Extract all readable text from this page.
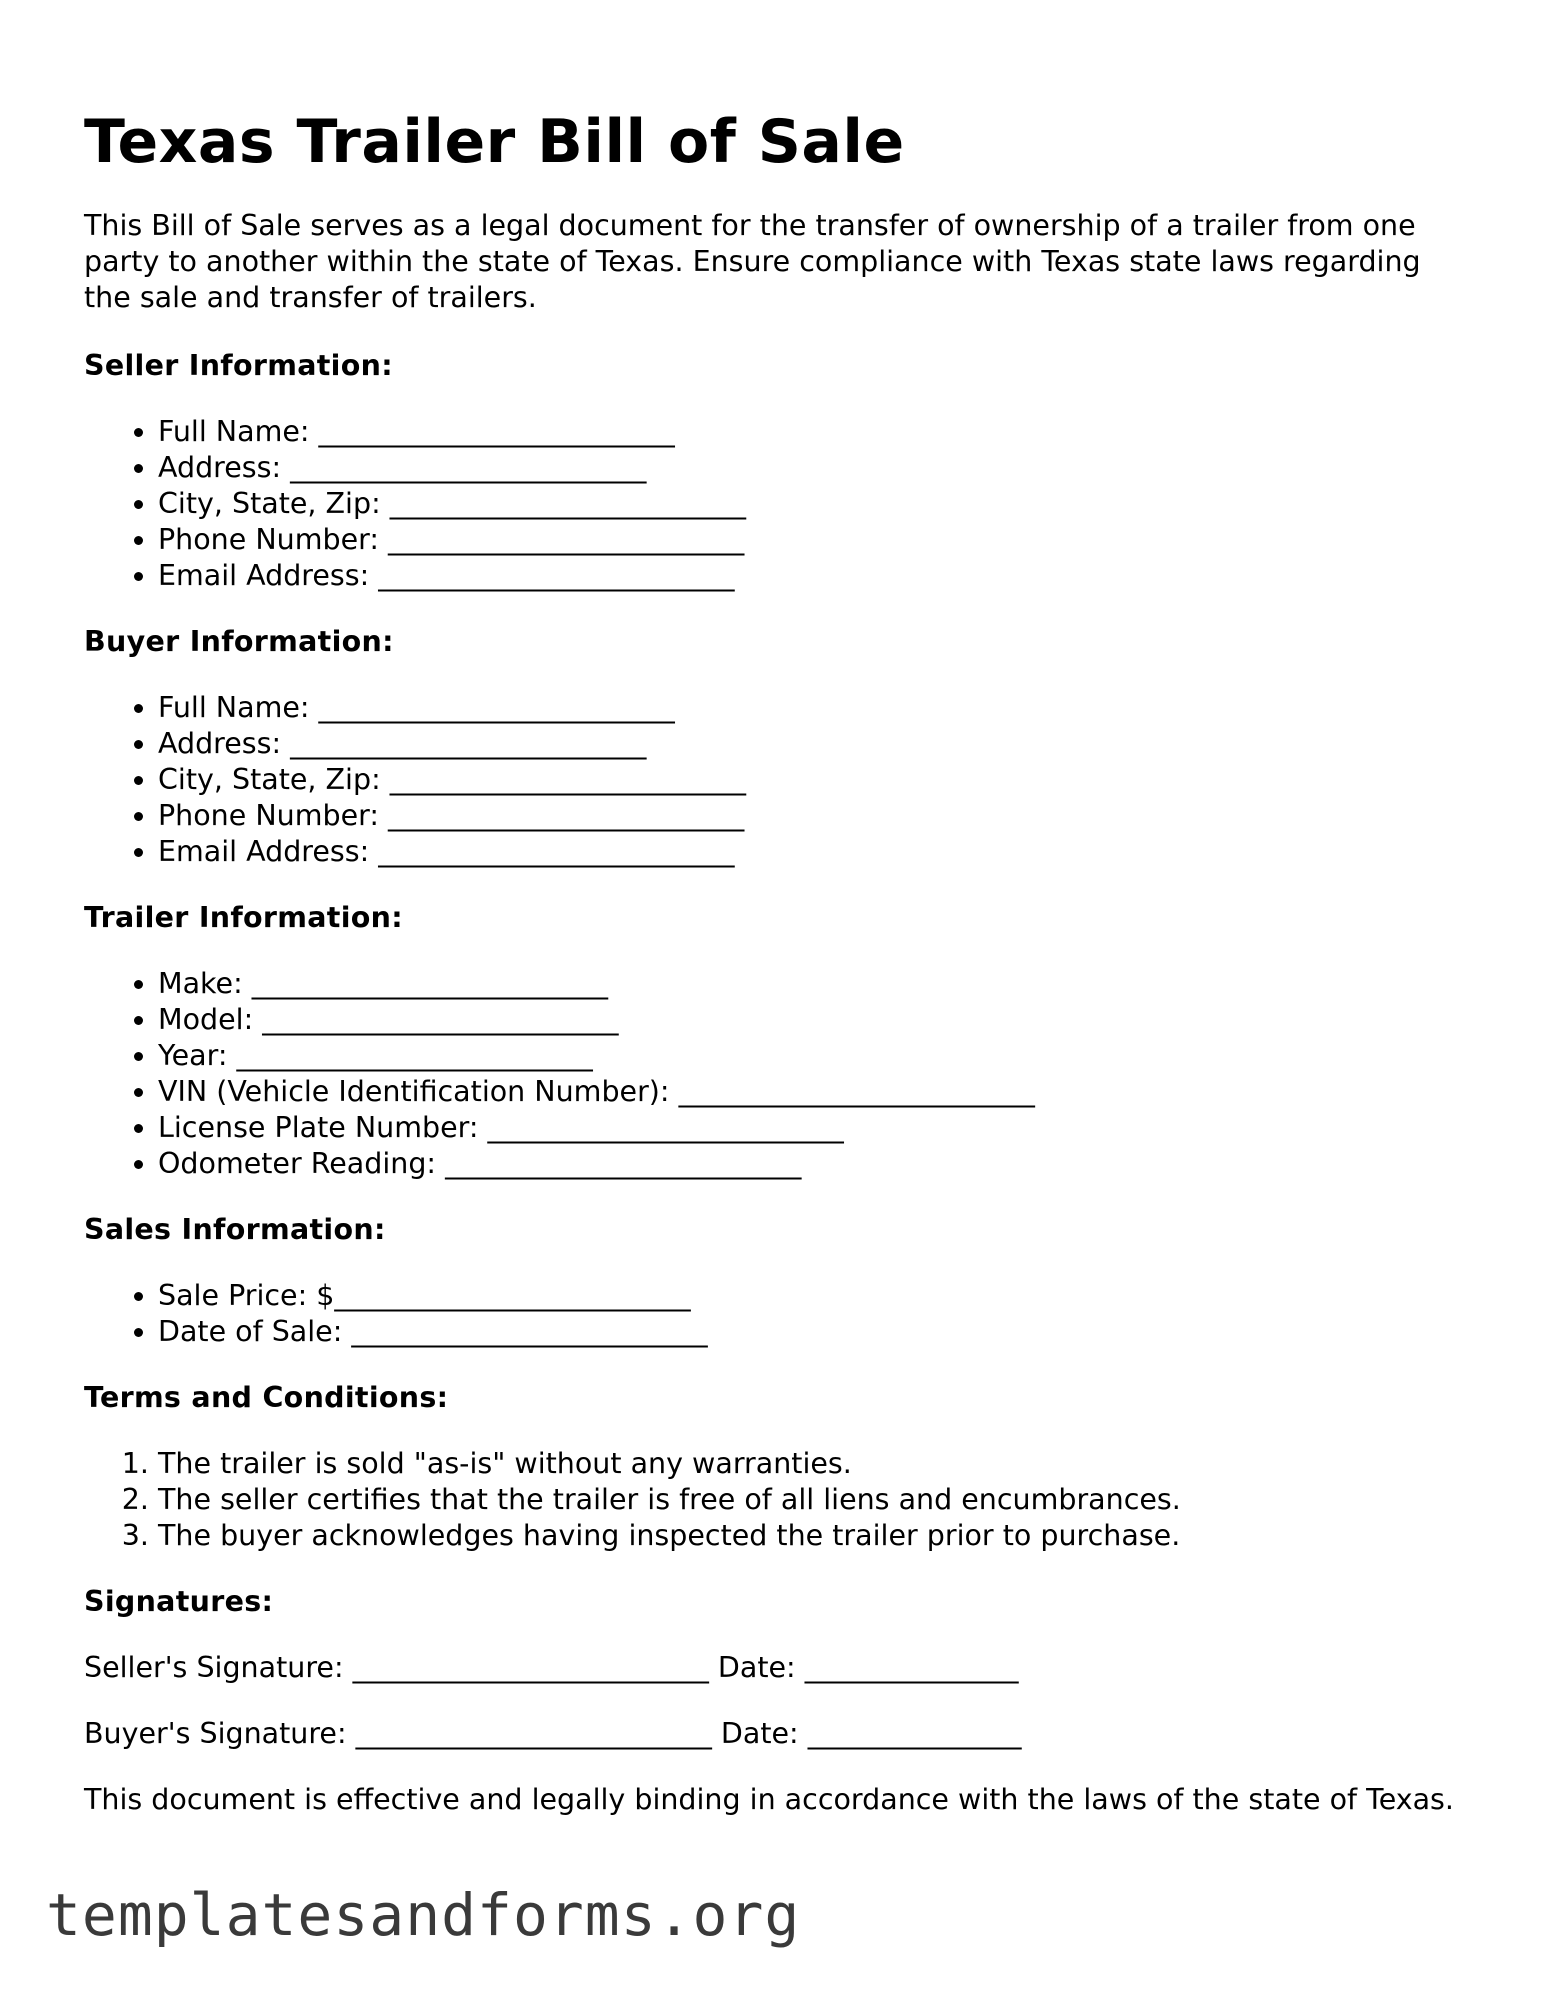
Texas Trailer Bill of Sale

This Bill of Sale serves as a legal document for the transfer of ownership of a trailer from one party to another within the state of Texas. Ensure compliance with Texas state laws regarding the sale and transfer of trailers.

Seller Information:
• Full Name: _________________________
• Address: _________________________
• City, State, Zip: _________________________
• Phone Number: _________________________
• Email Address: _________________________
Buyer Information:
• Full Name: _________________________
• Address: _________________________
• City, State, Zip: _________________________
• Phone Number: _________________________
• Email Address: _________________________
Trailer Information:
• Make: _________________________
• Model: _________________________
• Year: _________________________
• VIN (Vehicle Identification Number): _________________________
• License Plate Number: _________________________
• Odometer Reading: _________________________
Sales Information:
• Sale Price: $_________________________
• Date of Sale: _________________________
Terms and Conditions:
1. The trailer is sold "as-is" without any warranties.
2. The seller certifies that the trailer is free of all liens and encumbrances.
3. The buyer acknowledges having inspected the trailer prior to purchase.
Signatures:
Seller's Signature: _________________________ Date: _______________
Buyer's Signature: _________________________ Date: _______________

This document is effective and legally binding in accordance with the laws of the state of Texas.

templatesandforms.org
